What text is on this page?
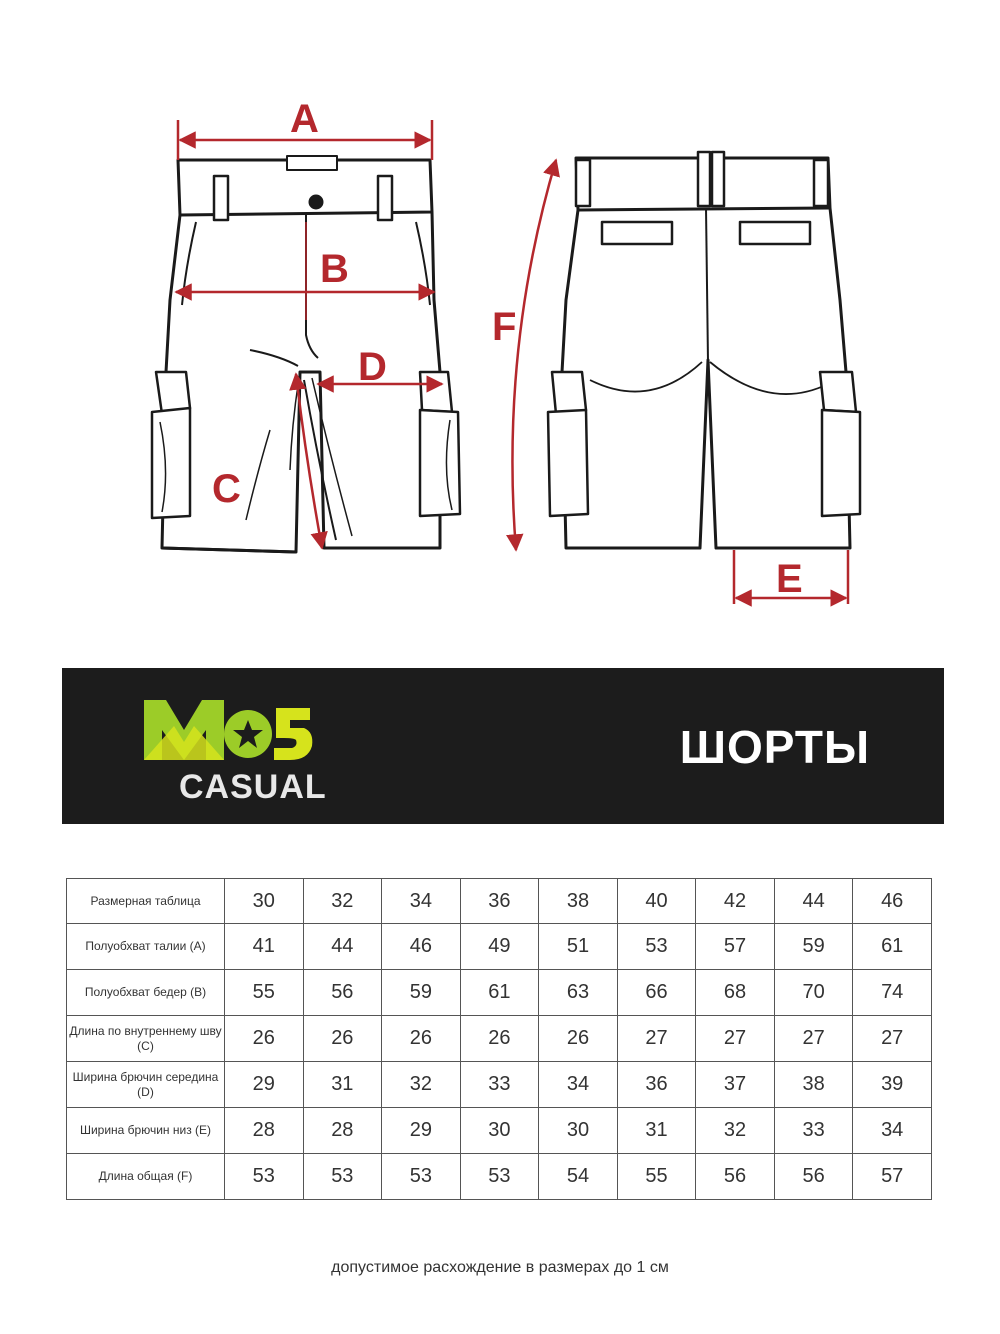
A
B
D
C
F
E
CASUAL
ШОРТЫ
Размерная таблица	30	32	34	36	38	40	42	44	46
Полуобхват талии (А)	41	44	46	49	51	53	57	59	61
Полуобхват бедер (B)	55	56	59	61	63	66	68	70	74
Длина по внутреннему шву (C)	26	26	26	26	26	27	27	27	27
Ширина брючин середина (D)	29	31	32	33	34	36	37	38	39
Ширина брючин низ (E)	28	28	29	30	30	31	32	33	34
Длина общая (F)	53	53	53	53	54	55	56	56	57
допустимое расхождение в размерах до 1 см
